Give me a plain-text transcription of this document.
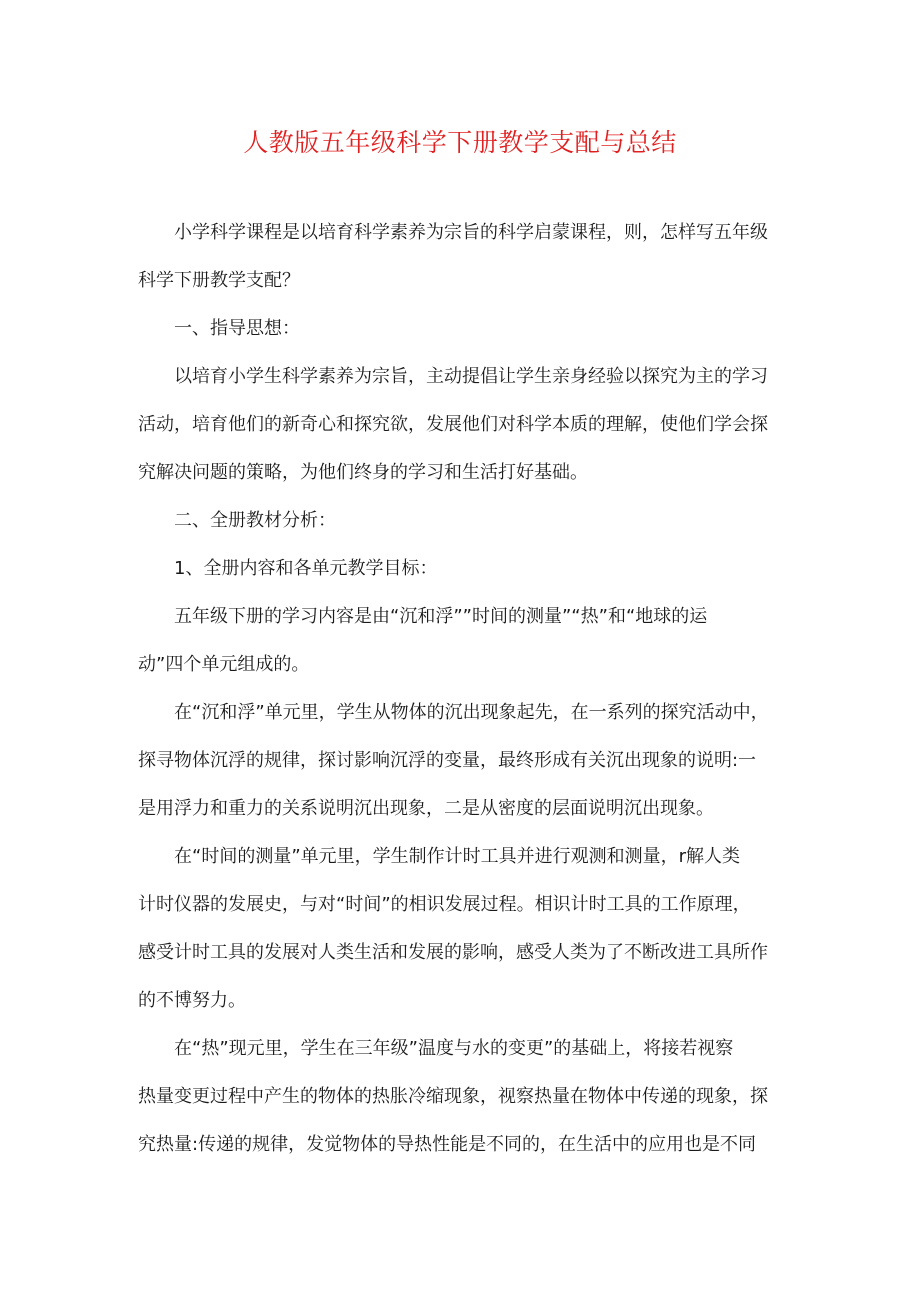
人教版五年级科学下册教学支配与总结
小学科学课程是以培育科学素养为宗旨的科学启蒙课程，则，怎样写五年级
科学下册教学支配？
一、指导思想：
以培育小学生科学素养为宗旨，主动提倡让学生亲身经验以探究为主的学习
活动，培育他们的新奇心和探究欲，发展他们对科学本质的理解，使他们学会探
究解决问题的策略，为他们终身的学习和生活打好基础。
二、全册教材分析：
1、全册内容和各单元教学目标：
五年级下册的学习内容是由“沉和浮””时间的测量”“热”和“地球的运
动”四个单元组成的。
在“沉和浮”单元里，学生从物体的沉出现象起先，在一系列的探究活动中，
探寻物体沉浮的规律，探讨影响沉浮的变量，最终形成有关沉出现象的说明:一
是用浮力和重力的关系说明沉出现象，二是从密度的层面说明沉出现象。
在“时间的测量”单元里，学生制作计时工具并进行观测和测量，r解人类
计时仪器的发展史，与对“时间”的相识发展过程。相识计时工具的工作原理，
感受计时工具的发展对人类生活和发展的影响，感受人类为了不断改进工具所作
的不博努力。
在“热”现元里，学生在三年级”温度与水的变更”的基础上，将接若视察
热量变更过程中产生的物体的热胀冷缩现象，视察热量在物体中传递的现象，探
究热量:传递的规律，发觉物体的导热性能是不同的，在生活中的应用也是不同
